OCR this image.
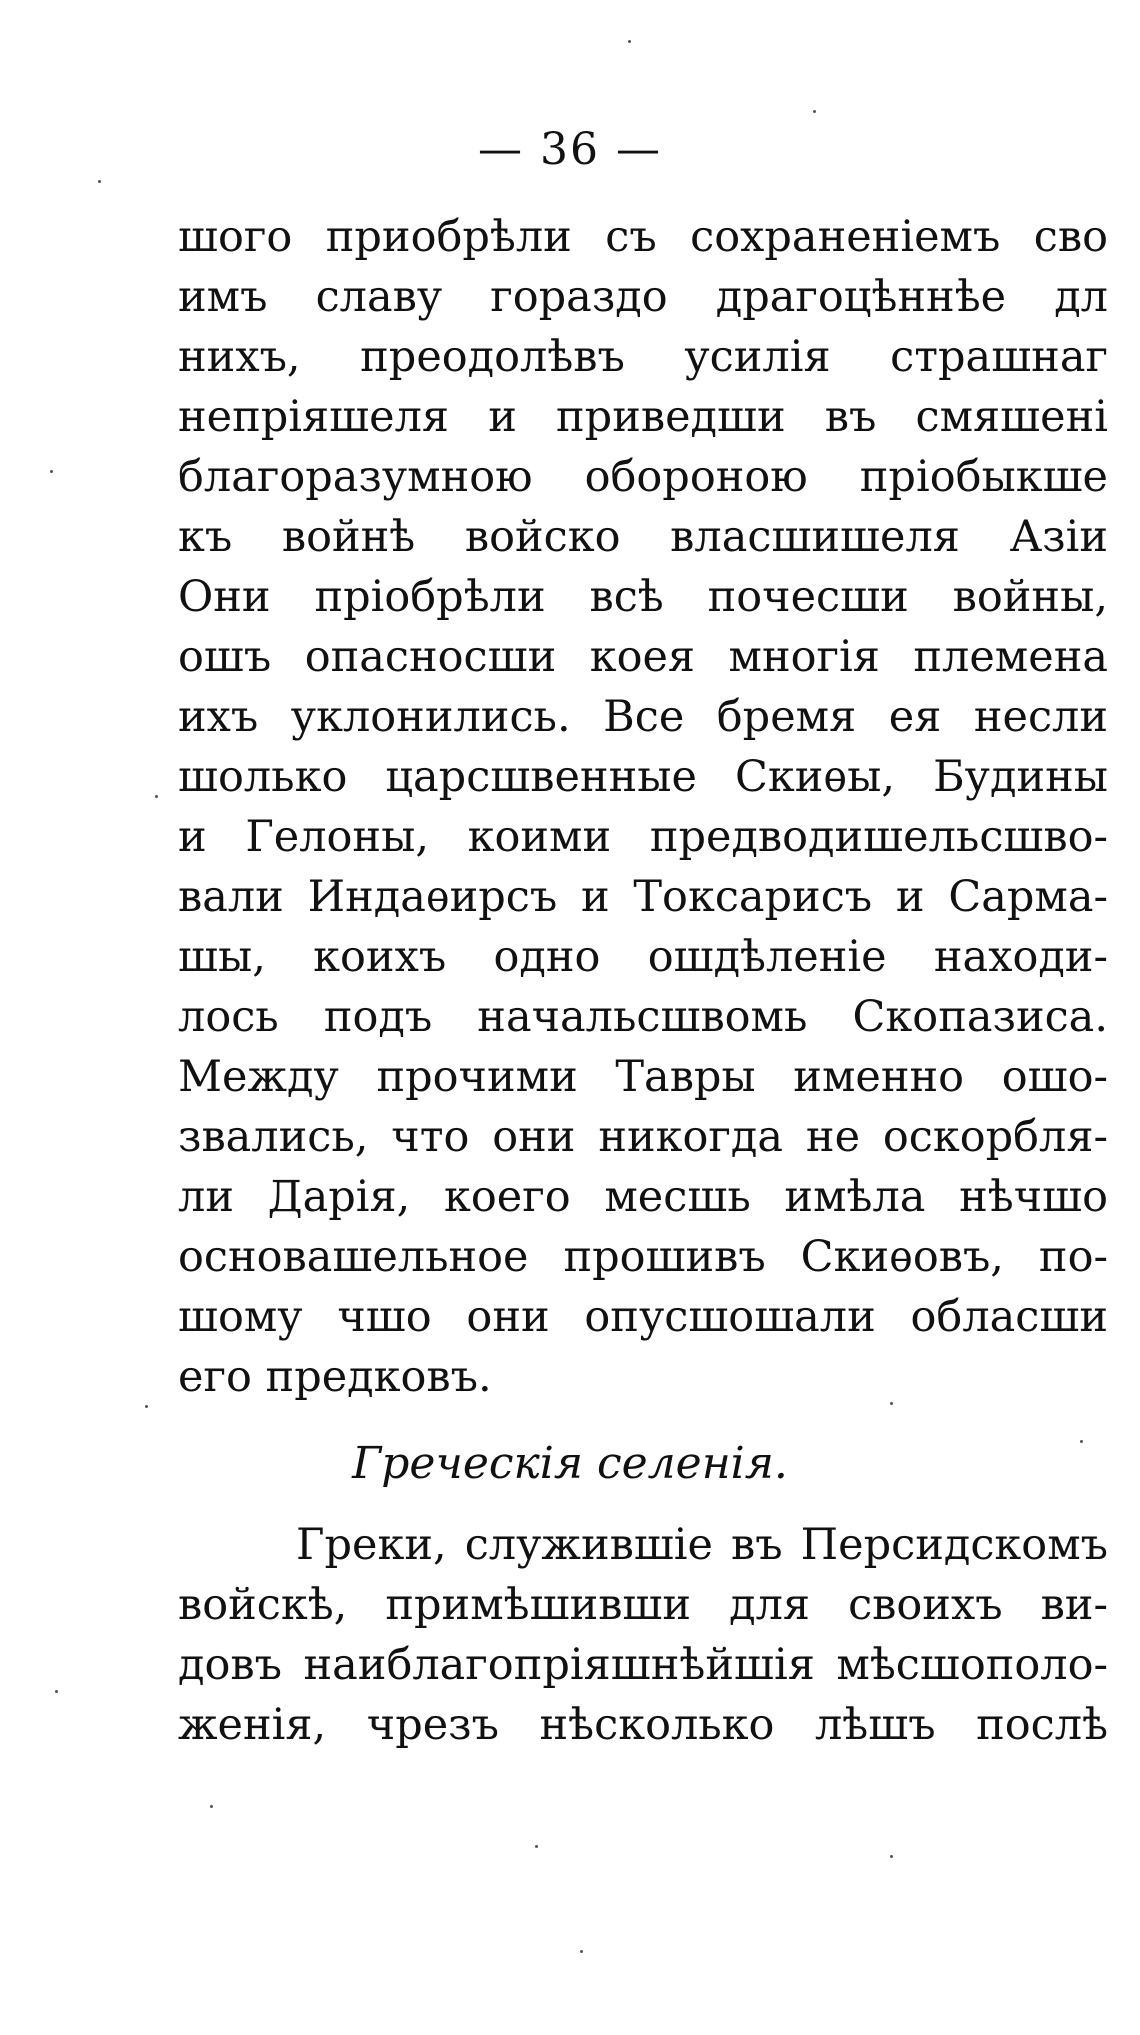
— 36 —
шого приобрѣли съ сохраненіемъ сво
имъ славу гораздо драгоцѣннѣе дл
нихъ, преодолѣвъ усилія страшнаг
непріяшеля и приведши въ смяшені
благоразумною обороною пріобыкше
къ войнѣ войско власшишеля Азіи
Они пріобрѣли всѣ почесши войны,
ошъ опасносши коея многія племена
ихъ уклонились. Все бремя ея несли
шолько царсшвенные Скиѳы, Будины
и Гелоны, коими предводишельсшво-
вали Индаѳирсъ и Токсарисъ и Сарма-
шы, коихъ одно ошдѣленіе находи-
лось подъ начальсшвомь Скопазиса.
Между прочими Тавры именно ошо-
звались, что они никогда не оскорбля-
ли Дарія, коего месшь имѣла нѣчшо
основашельное прошивъ Скиѳовъ, по-
шому чшо они опусшошали обласши
его предковъ.
Греческія селенія.
Греки, служившіе въ Персидскомъ
войскѣ, примѣшивши для своихъ ви-
довъ наиблагопріяшнѣйшія мѣсшополо-
женія, чрезъ нѣсколько лѣшъ послѣ
